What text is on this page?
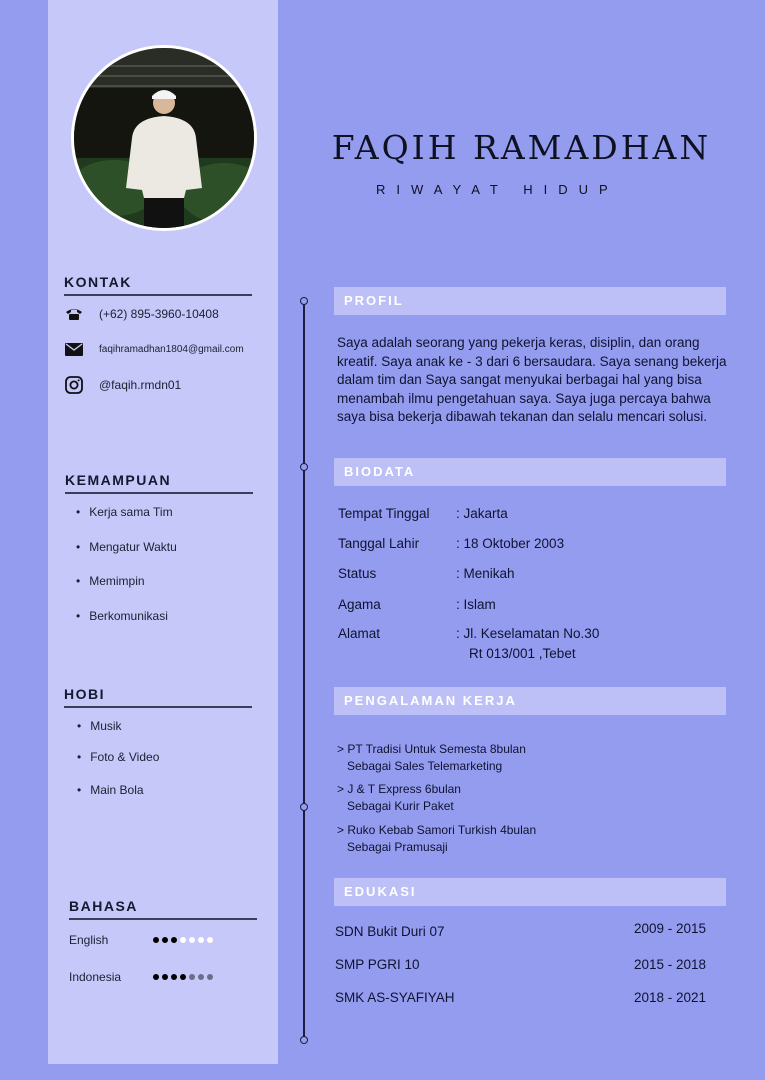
KONTAK
(+62) 895-3960-10408
faqihramadhan1804@gmail.com
@faqih.rmdn01
KEMAMPUAN
• Kerja sama Tim
• Mengatur Waktu
• Memimpin
• Berkomunikasi
HOBI
• Musik
• Foto & Video
• Main Bola
BAHASA
English
Indonesia
FAQIH RAMADHAN
RIWAYAT HIDUP
PROFIL
Saya adalah seorang yang pekerja keras, disiplin, dan orang kreatif. Saya anak ke - 3 dari 6 bersaudara. Saya senang bekerja dalam tim dan Saya sangat menyukai berbagai hal yang bisa menambah ilmu pengetahuan saya. Saya juga percaya bahwa saya bisa bekerja dibawah tekanan dan selalu mencari solusi.
BIODATA
Tempat Tinggal : Jakarta
Tanggal Lahir	: 18 Oktober 2003
Status	: Menikah
Agama	: Islam
Alamat	: Jl. Keselamatan No.30
Rt 013/001 ,Tebet
PENGALAMAN KERJA
> PT Tradisi Untuk Semesta 8bulan
Sebagai Sales Telemarketing
> J & T Express 6bulan
Sebagai Kurir Paket
> Ruko Kebab Samori Turkish 4bulan
Sebagai Pramusaji
EDUKASI
SDN Bukit Duri 07	2009 - 2015
SMP PGRI 10	2015 - 2018
SMK AS-SYAFIYAH	2018 - 2021
